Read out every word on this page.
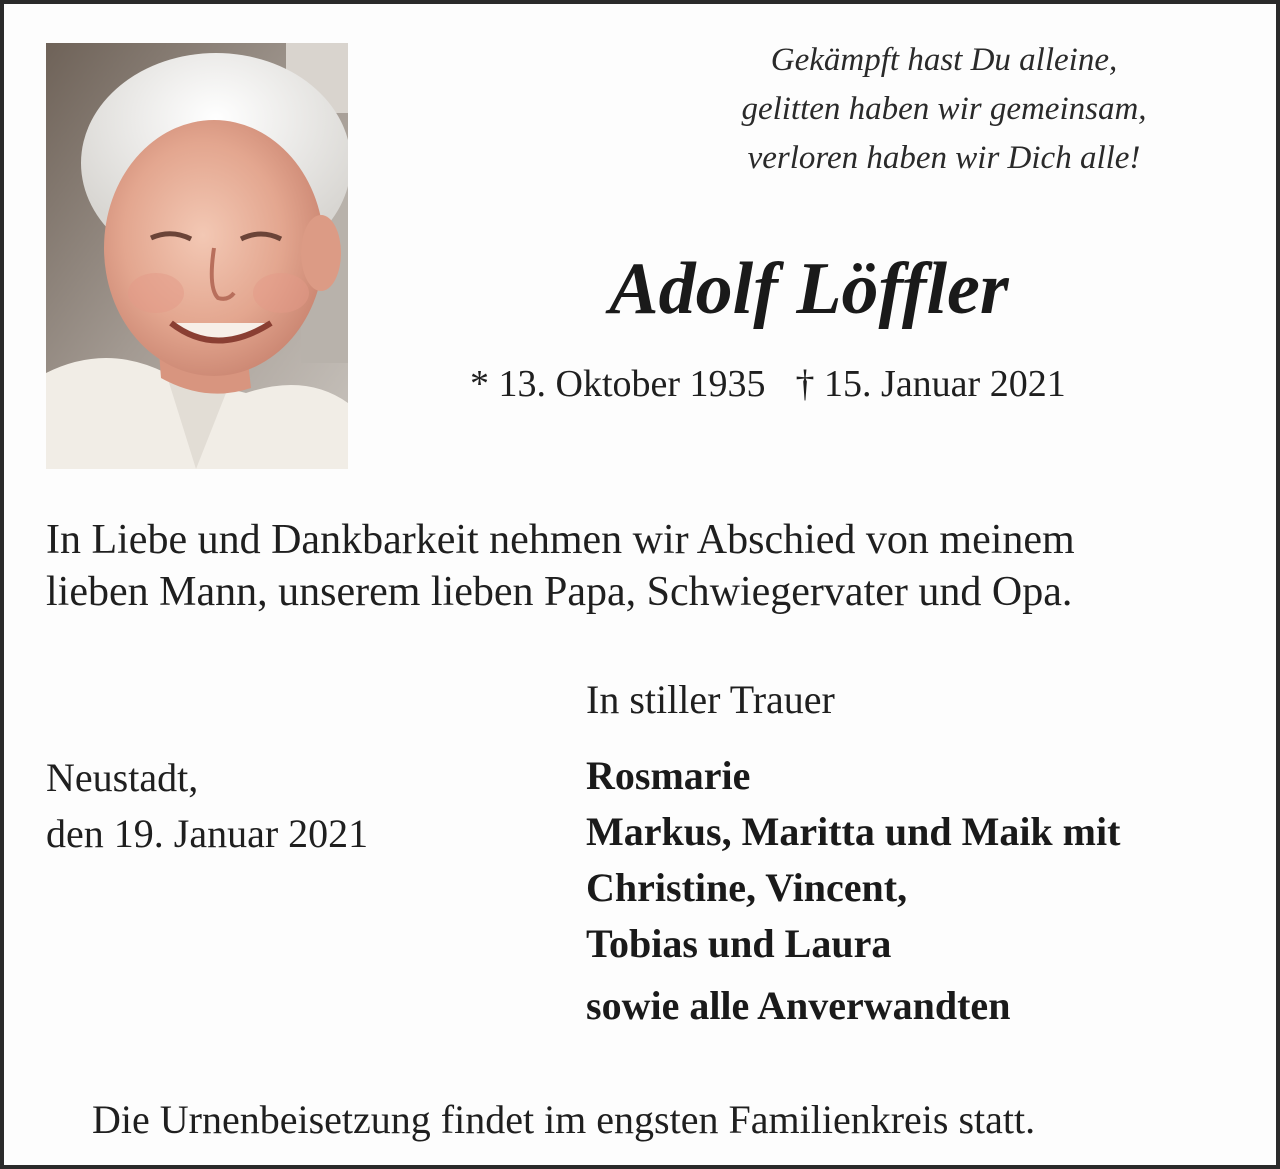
Gekämpft hast Du alleine,
gelitten haben wir gemeinsam,
verloren haben wir Dich alle!
Adolf Löffler
* 13. Oktober 1935 † 15. Januar 2021
In Liebe und Dankbarkeit nehmen wir Abschied von meinem
lieben Mann, unserem lieben Papa, Schwiegervater und Opa.
In stiller Trauer
Neustadt,
den 19. Januar 2021
Rosmarie
Markus, Maritta und Maik mit
Christine, Vincent,
Tobias und Laura
sowie alle Anverwandten
Die Urnenbeisetzung findet im engsten Familienkreis statt.
